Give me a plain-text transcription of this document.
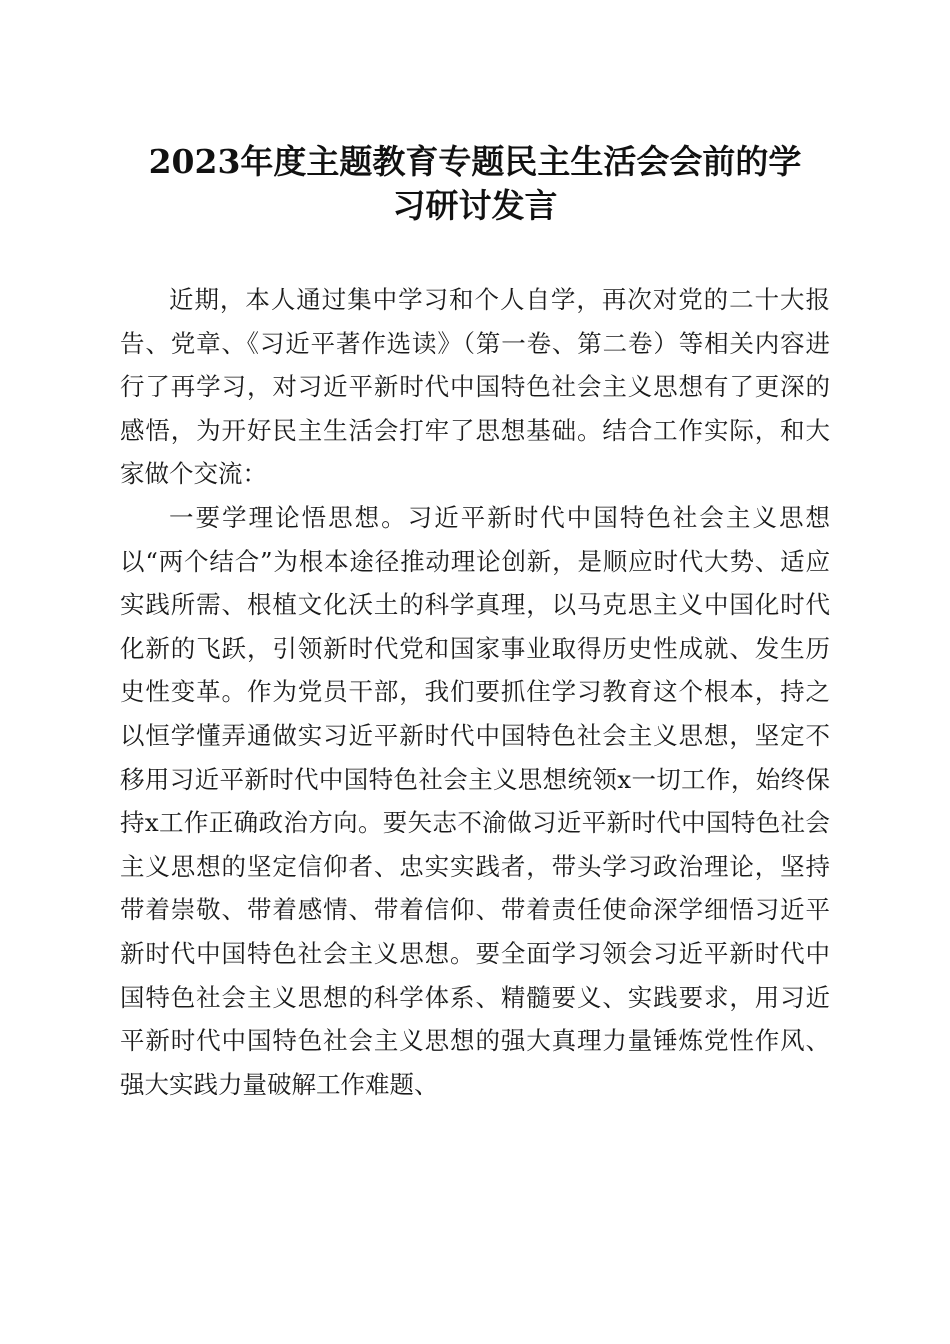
2023年度主题教育专题民主生活会会前的学
习研讨发言

近期，本人通过集中学习和个人自学，再次对党的二十大报告、党章、《习近平著作选读》（第一卷、第二卷）等相关内容进行了再学习，对习近平新时代中国特色社会主义思想有了更深的感悟，为开好民主生活会打牢了思想基础。结合工作实际，和大家做个交流：

一要学理论悟思想。习近平新时代中国特色社会主义思想以“两个结合”为根本途径推动理论创新，是顺应时代大势、适应实践所需、根植文化沃土的科学真理，以马克思主义中国化时代化新的飞跃，引领新时代党和国家事业取得历史性成就、发生历史性变革。作为党员干部，我们要抓住学习教育这个根本，持之以恒学懂弄通做实习近平新时代中国特色社会主义思想，坚定不移用习近平新时代中国特色社会主义思想统领x一切工作，始终保持x工作正确政治方向。要矢志不渝做习近平新时代中国特色社会主义思想的坚定信仰者、忠实实践者，带头学习政治理论，坚持带着崇敬、带着感情、带着信仰、带着责任使命深学细悟习近平新时代中国特色社会主义思想。要全面学习领会习近平新时代中国特色社会主义思想的科学体系、精髓要义、实践要求，用习近平新时代中国特色社会主义思想的强大真理力量锤炼党性作风、强大实践力量破解工作难题、
